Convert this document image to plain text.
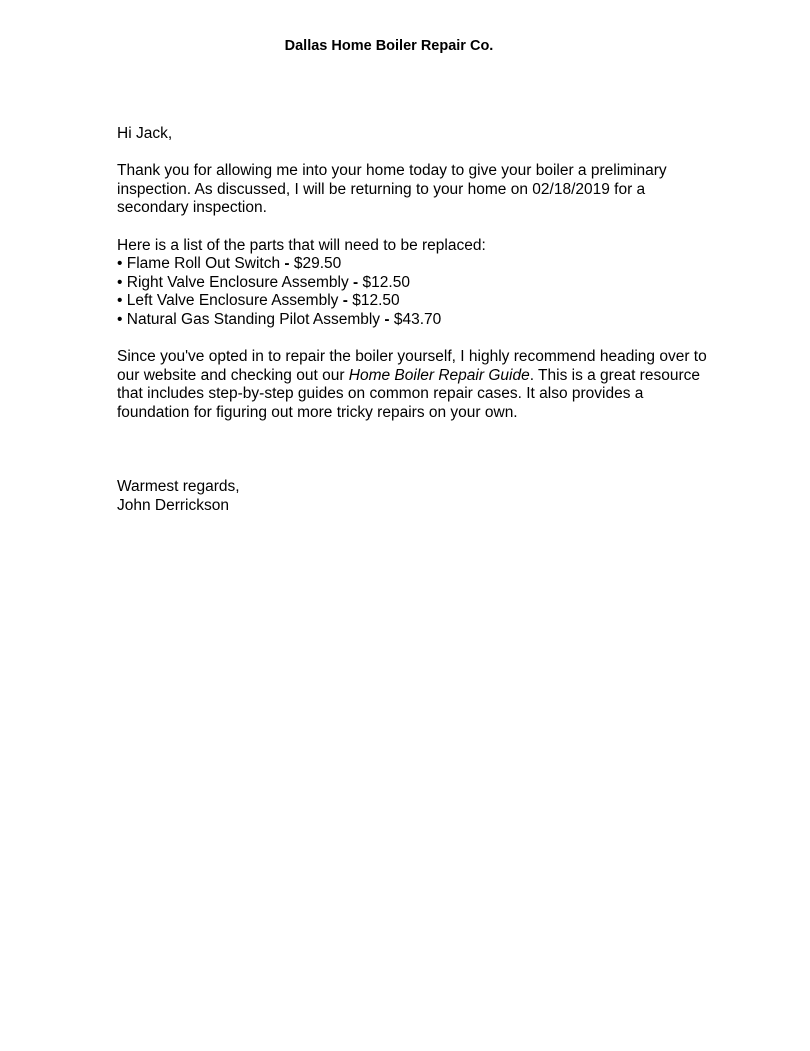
Dallas Home Boiler Repair Co.

Hi Jack,

Thank you for allowing me into your home today to give your boiler a preliminary inspection. As discussed, I will be returning to your home on 02/18/2019 for a secondary inspection.

Here is a list of the parts that will need to be replaced:

• Flame Roll Out Switch - $29.50
• Right Valve Enclosure Assembly - $12.50
• Left Valve Enclosure Assembly - $12.50
• Natural Gas Standing Pilot Assembly - $43.70

Since you've opted in to repair the boiler yourself, I highly recommend heading over to our website and checking out our Home Boiler Repair Guide. This is a great resource that includes step-by-step guides on common repair cases. It also provides a foundation for figuring out more tricky repairs on your own.

Warmest regards,

John Derrickson
